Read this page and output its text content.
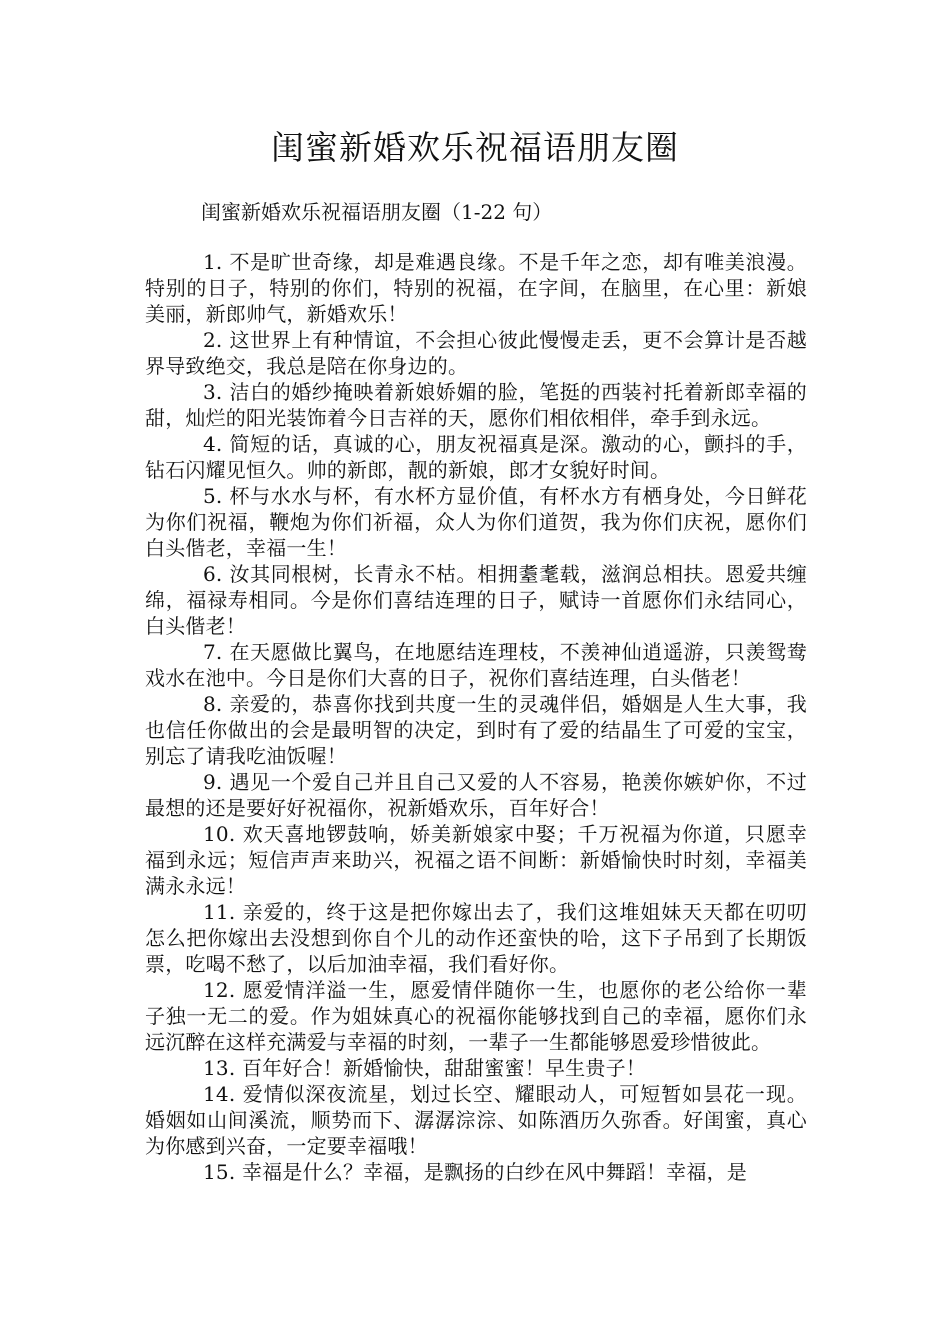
闺蜜新婚欢乐祝福语朋友圈

闺蜜新婚欢乐祝福语朋友圈（1-22 句）

1. 不是旷世奇缘，却是难遇良缘。不是千年之恋，却有唯美浪漫。特别的日子，特别的你们，特别的祝福，在字间，在脑里，在心里：新娘美丽，新郎帅气，新婚欢乐！

2. 这世界上有种情谊，不会担心彼此慢慢走丢，更不会算计是否越界导致绝交，我总是陪在你身边的。

3. 洁白的婚纱掩映着新娘娇媚的脸，笔挺的西装衬托着新郎幸福的甜，灿烂的阳光装饰着今日吉祥的天，愿你们相依相伴，牵手到永远。

4. 简短的话，真诚的心，朋友祝福真是深。激动的心，颤抖的手，钻石闪耀见恒久。帅的新郎，靓的新娘，郎才女貌好时间。

5. 杯与水水与杯，有水杯方显价值，有杯水方有栖身处，今日鲜花为你们祝福，鞭炮为你们祈福，众人为你们道贺，我为你们庆祝，愿你们白头偕老，幸福一生！

6. 汝其同根树，长青永不枯。相拥耋耄载，滋润总相扶。恩爱共缠绵，福禄寿相同。今是你们喜结连理的日子，赋诗一首愿你们永结同心，白头偕老！

7. 在天愿做比翼鸟，在地愿结连理枝，不羡神仙逍遥游，只羡鸳鸯戏水在池中。今日是你们大喜的日子，祝你们喜结连理，白头偕老！

8. 亲爱的，恭喜你找到共度一生的灵魂伴侣，婚姻是人生大事，我也信任你做出的会是最明智的决定，到时有了爱的结晶生了可爱的宝宝，别忘了请我吃油饭喔！

9. 遇见一个爱自己并且自己又爱的人不容易，艳羡你嫉妒你，不过最想的还是要好好祝福你，祝新婚欢乐，百年好合！

10. 欢天喜地锣鼓响，娇美新娘家中娶；千万祝福为你道，只愿幸福到永远；短信声声来助兴，祝福之语不间断：新婚愉快时时刻，幸福美满永永远！

11. 亲爱的，终于这是把你嫁出去了，我们这堆姐妹天天都在叨叨怎么把你嫁出去没想到你自个儿的动作还蛮快的哈，这下子吊到了长期饭票，吃喝不愁了，以后加油幸福，我们看好你。

12. 愿爱情洋溢一生，愿爱情伴随你一生，也愿你的老公给你一辈子独一无二的爱。作为姐妹真心的祝福你能够找到自己的幸福，愿你们永远沉醉在这样充满爱与幸福的时刻，一辈子一生都能够恩爱珍惜彼此。

13. 百年好合！新婚愉快，甜甜蜜蜜！早生贵子！

14. 爱情似深夜流星，划过长空、耀眼动人，可短暂如昙花一现。婚姻如山间溪流，顺势而下、潺潺淙淙、如陈酒历久弥香。好闺蜜，真心为你感到兴奋，一定要幸福哦！

15. 幸福是什么？幸福，是飘扬的白纱在风中舞蹈！幸福，是
